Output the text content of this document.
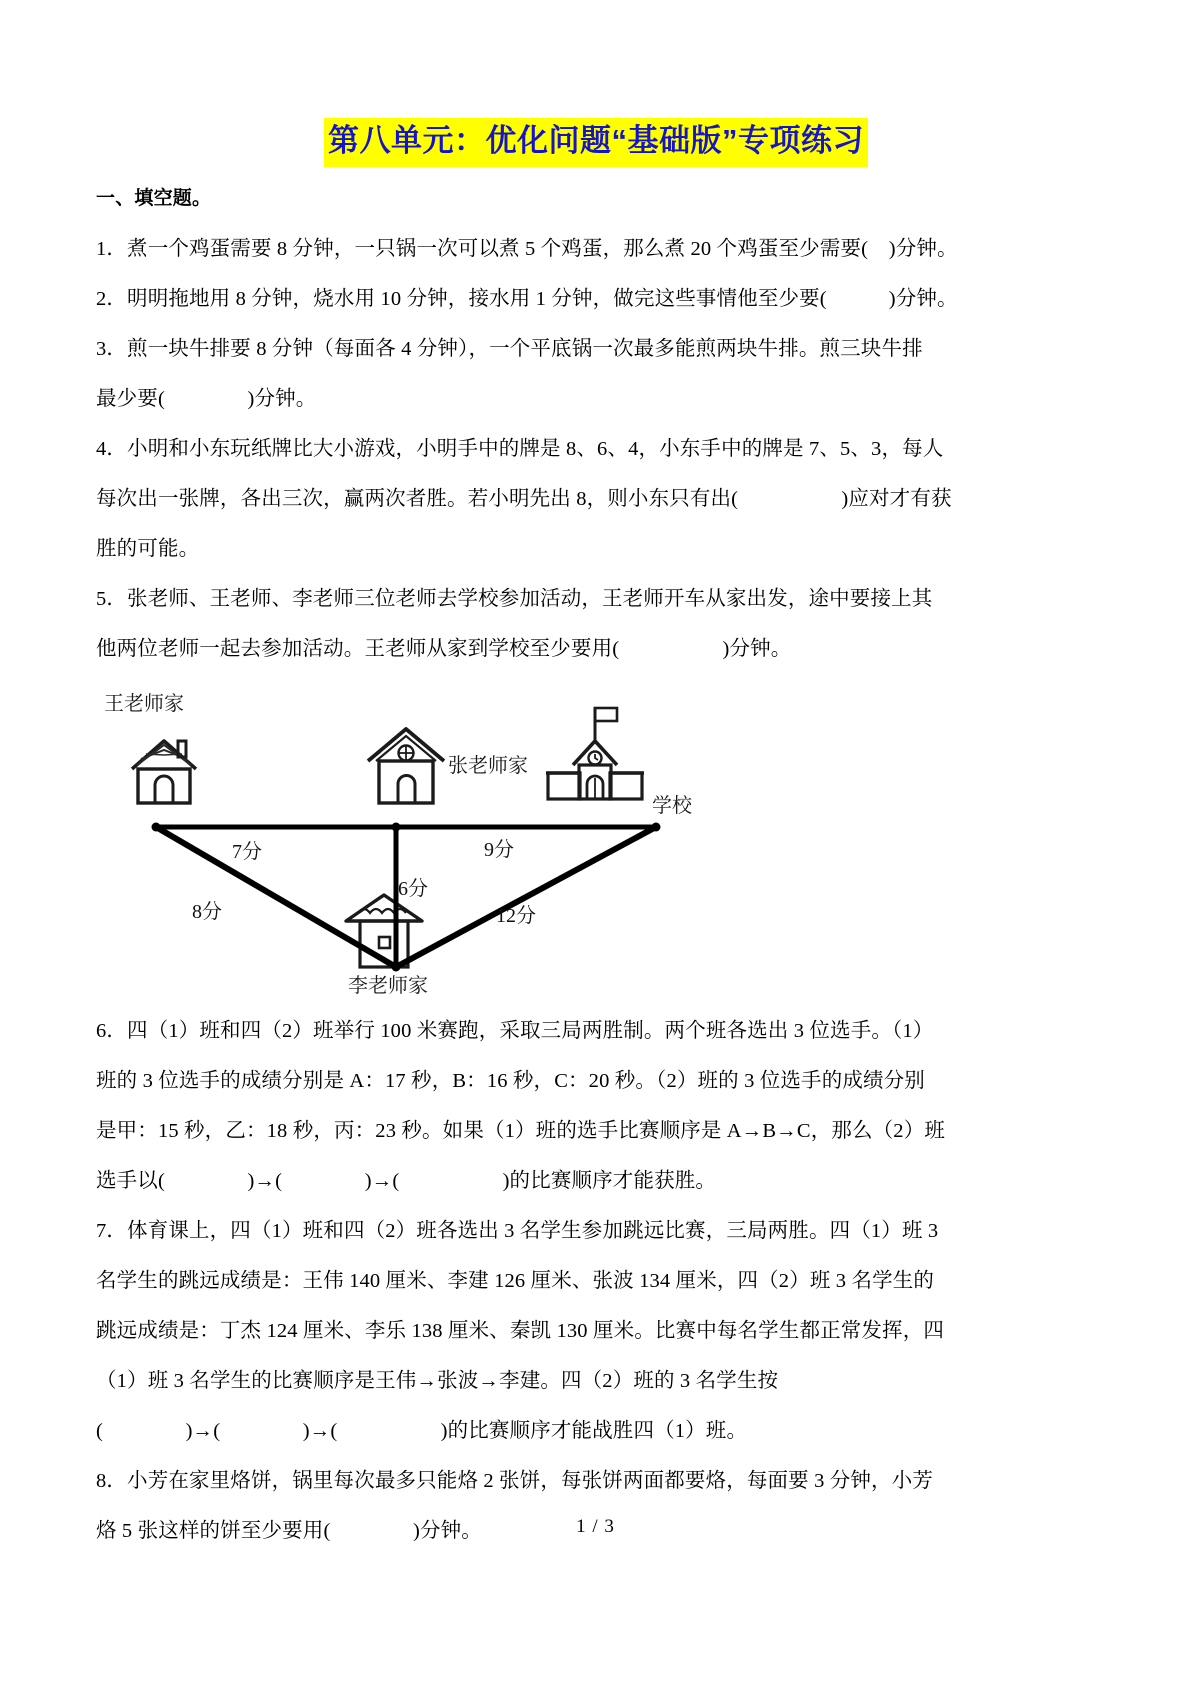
第八单元：优化问题“基础版”专项练习
一、填空题。

1．煮一个鸡蛋需要 8 分钟，一只锅一次可以煮 5 个鸡蛋，那么煮 20 个鸡蛋至少需要(　)分钟。

2．明明拖地用 8 分钟，烧水用 10 分钟，接水用 1 分钟，做完这些事情他至少要(　　　)分钟。

3．煎一块牛排要 8 分钟（每面各 4 分钟），一个平底锅一次最多能煎两块牛排。煎三块牛排

最少要(　　　　)分钟。

4．小明和小东玩纸牌比大小游戏，小明手中的牌是 8、6、4，小东手中的牌是 7、5、3，每人

每次出一张牌，各出三次，赢两次者胜。若小明先出 8，则小东只有出(　　　　　)应对才有获

胜的可能。

5．张老师、王老师、李老师三位老师去学校参加活动，王老师开车从家出发，途中要接上其

他两位老师一起去参加活动。王老师从家到学校至少要用(　　　　　)分钟。

王老师家
张老师家
学校
李老师家
7分	9分
6分
8分	12分

6．四（1）班和四（2）班举行 100 米赛跑，采取三局两胜制。两个班各选出 3 位选手。（1）

班的 3 位选手的成绩分别是 A：17 秒，B：16 秒，C：20 秒。（2）班的 3 位选手的成绩分别

是甲：15 秒，乙：18 秒，丙：23 秒。如果（1）班的选手比赛顺序是 A→B→C，那么（2）班

选手以(　　　　)→(　　　　)→(　　　　　)的比赛顺序才能获胜。

7．体育课上，四（1）班和四（2）班各选出 3 名学生参加跳远比赛，三局两胜。四（1）班 3

名学生的跳远成绩是：王伟 140 厘米、李建 126 厘米、张波 134 厘米，四（2）班 3 名学生的

跳远成绩是：丁杰 124 厘米、李乐 138 厘米、秦凯 130 厘米。比赛中每名学生都正常发挥，四

（1）班 3 名学生的比赛顺序是王伟→张波→李建。四（2）班的 3 名学生按

(　　　　)→(　　　　)→(　　　　　)的比赛顺序才能战胜四（1）班。

8．小芳在家里烙饼，锅里每次最多只能烙 2 张饼，每张饼两面都要烙，每面要 3 分钟，小芳

烙 5 张这样的饼至少要用(　　　　)分钟。	1 / 3
